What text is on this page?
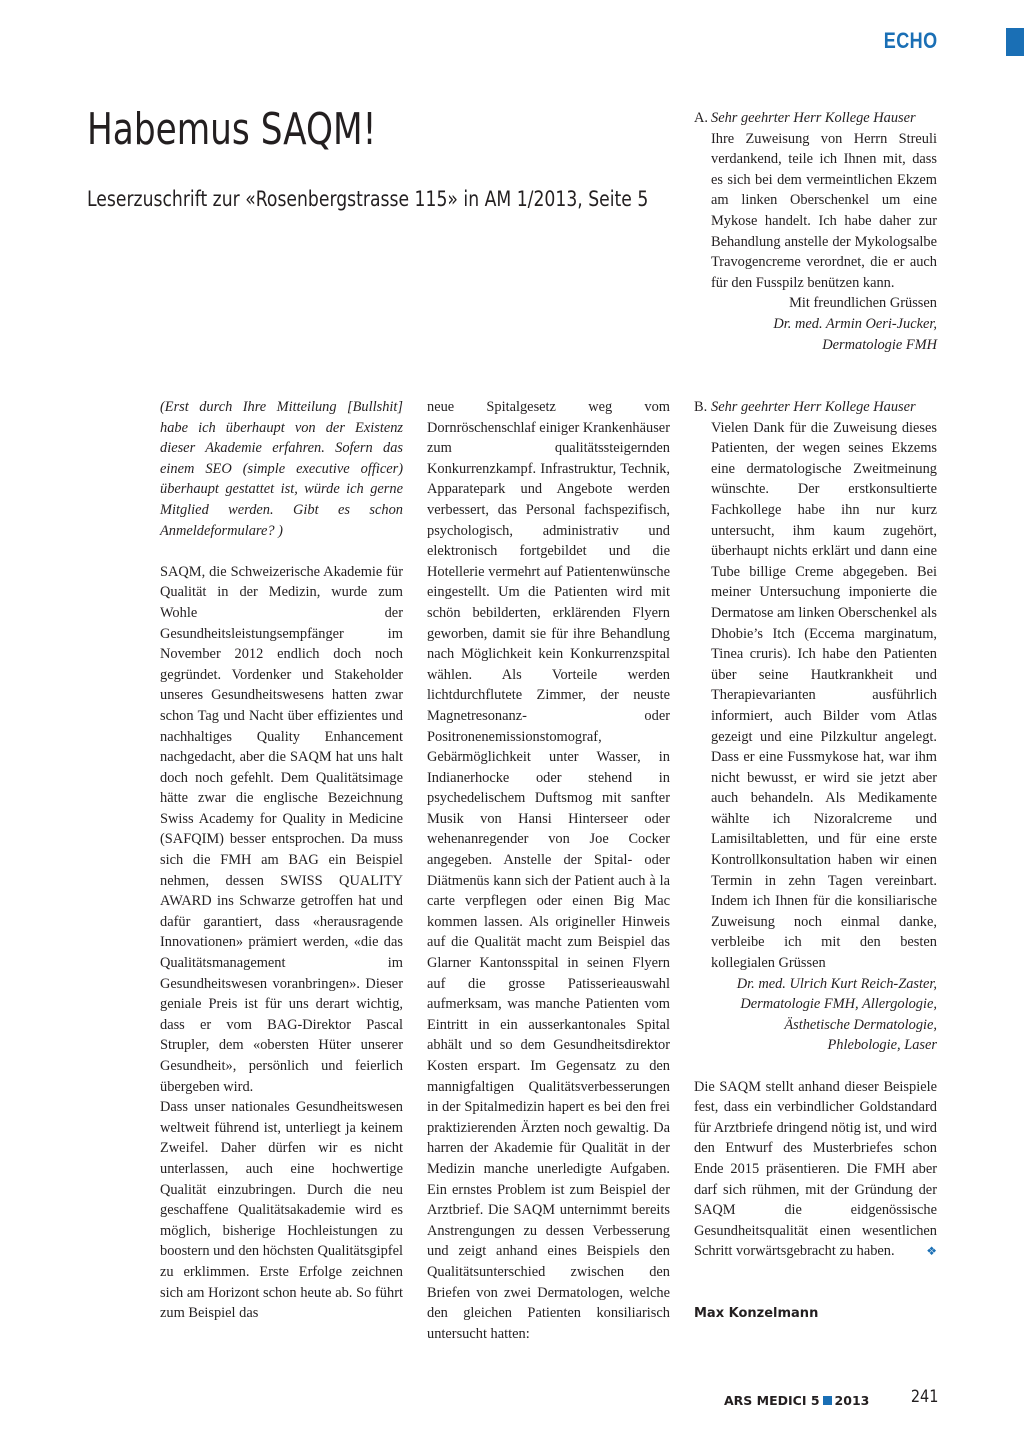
ECHO
Habemus SAQM!
Leserzuschrift zur «Rosenbergstrasse 115» in AM 1/2013, Seite 5
A. Sehr geehrter Herr Kollege Hauser

Ihre Zuweisung von Herrn Streuli verdankend, teile ich Ihnen mit, dass es sich bei dem vermeintlichen Ekzem am linken Oberschenkel um eine Mykose handelt. Ich habe daher zur Behandlung anstelle der Mykologsalbe Travogencreme verordnet, die er auch für den Fusspilz benützen kann.

Mit freundlichen Grüssen
Dr. med. Armin Oeri-Jucker,
Dermatologie FMH

(Erst durch Ihre Mitteilung [Bullshit] habe ich überhaupt von der Existenz dieser Akademie erfahren. Sofern das einem SEO (simple executive officer) überhaupt gestattet ist, würde ich gerne Mitglied werden. Gibt es schon Anmeldeformulare? )

SAQM, die Schweizerische Akademie für Qualität in der Medizin, wurde zum Wohle der Gesundheitsleistungsempfänger im November 2012 endlich doch noch gegründet. Vordenker und Stakeholder unseres Gesundheitswesens hatten zwar schon Tag und Nacht über effizientes und nachhaltiges Quality Enhancement nachgedacht, aber die SAQM hat uns halt doch noch gefehlt. Dem Qualitätsimage hätte zwar die englische Bezeichnung Swiss Academy for Quality in Medicine (SAFQIM) besser entsprochen. Da muss sich die FMH am BAG ein Beispiel nehmen, dessen SWISS QUALITY AWARD ins Schwarze getroffen hat und dafür garantiert, dass «herausragende Innovationen» prämiert werden, «die das Qualitätsmanagement im Gesundheitswesen voranbringen». Dieser geniale Preis ist für uns derart wichtig, dass er vom BAG-Direktor Pascal Strupler, dem «obersten Hüter unserer Gesundheit», persönlich und feierlich übergeben wird.

Dass unser nationales Gesundheitswesen weltweit führend ist, unterliegt ja keinem Zweifel. Daher dürfen wir es nicht unterlassen, auch eine hochwertige Qualität einzubringen. Durch die neu geschaffene Qualitätsakademie wird es möglich, bisherige Hochleistungen zu boostern und den höchsten Qualitätsgipfel zu erklimmen. Erste Erfolge zeichnen sich am Horizont schon heute ab. So führt zum Beispiel das

neue Spitalgesetz weg vom Dornröschenschlaf einiger Krankenhäuser zum qualitätssteigernden Konkurrenzkampf. Infrastruktur, Technik, Apparatepark und Angebote werden verbessert, das Personal fachspezifisch, psychologisch, administrativ und elektronisch fortgebildet und die Hotellerie vermehrt auf Patientenwünsche eingestellt. Um die Patienten wird mit schön bebilderten, erklärenden Flyern geworben, damit sie für ihre Behandlung nach Möglichkeit kein Konkurrenzspital wählen. Als Vorteile werden lichtdurchflutete Zimmer, der neuste Magnetresonanz- oder Positronenemissionstomograf, Gebärmöglichkeit unter Wasser, in Indianerhocke oder stehend in psychedelischem Duftsmog mit sanfter Musik von Hansi Hinterseer oder wehenanregender von Joe Cocker angegeben. Anstelle der Spital- oder Diätmenüs kann sich der Patient auch à la carte verpflegen oder einen Big Mac kommen lassen. Als origineller Hinweis auf die Qualität macht zum Beispiel das Glarner Kantonsspital in seinen Flyern auf die grosse Patisserieauswahl aufmerksam, was manche Patienten vom Eintritt in ein ausserkantonales Spital abhält und so dem Gesundheitsdirektor Kosten erspart. Im Gegensatz zu den mannigfaltigen Qualitätsverbesserungen in der Spitalmedizin hapert es bei den frei praktizierenden Ärzten noch gewaltig. Da harren der Akademie für Qualität in der Medizin manche unerledigte Aufgaben. Ein ernstes Problem ist zum Beispiel der Arztbrief. Die SAQM unternimmt bereits Anstrengungen zu dessen Verbesserung und zeigt anhand eines Beispiels den Qualitätsunterschied zwischen den Briefen von zwei Dermatologen, welche den gleichen Patienten konsiliarisch untersucht hatten:

B. Sehr geehrter Herr Kollege Hauser

Vielen Dank für die Zuweisung dieses Patienten, der wegen seines Ekzems eine dermatologische Zweitmeinung wünschte. Der erstkonsultierte Fachkollege habe ihn nur kurz untersucht, ihm kaum zugehört, überhaupt nichts erklärt und dann eine Tube billige Creme abgegeben. Bei meiner Untersuchung imponierte die Dermatose am linken Oberschenkel als Dhobie’s Itch (Eccema marginatum, Tinea cruris). Ich habe den Patienten über seine Hautkrankheit und Therapievarianten ausführlich informiert, auch Bilder vom Atlas gezeigt und eine Pilzkultur angelegt. Dass er eine Fussmykose hat, war ihm nicht bewusst, er wird sie jetzt aber auch behandeln. Als Medikamente wählte ich Nizoralcreme und Lamisiltabletten, und für eine erste Kontrollkonsultation haben wir einen Termin in zehn Tagen vereinbart. Indem ich Ihnen für die konsiliarische Zuweisung noch einmal danke, verbleibe ich mit den besten kollegialen Grüssen

Dr. med. Ulrich Kurt Reich-Zaster,
Dermatologie FMH, Allergologie,
Ästhetische Dermatologie,
Phlebologie, Laser

Die SAQM stellt anhand dieser Beispiele fest, dass ein verbindlicher Goldstandard für Arztbriefe dringend nötig ist, und wird den Entwurf des Musterbriefes schon Ende 2015 präsentieren. Die FMH aber darf sich rühmen, mit der Gründung der SAQM die eidgenössische Gesundheitsqualität einen wesentlichen Schritt vorwärtsgebracht zu haben.	❖

Max Konzelmann
ARS MEDICI 5 2013 241
